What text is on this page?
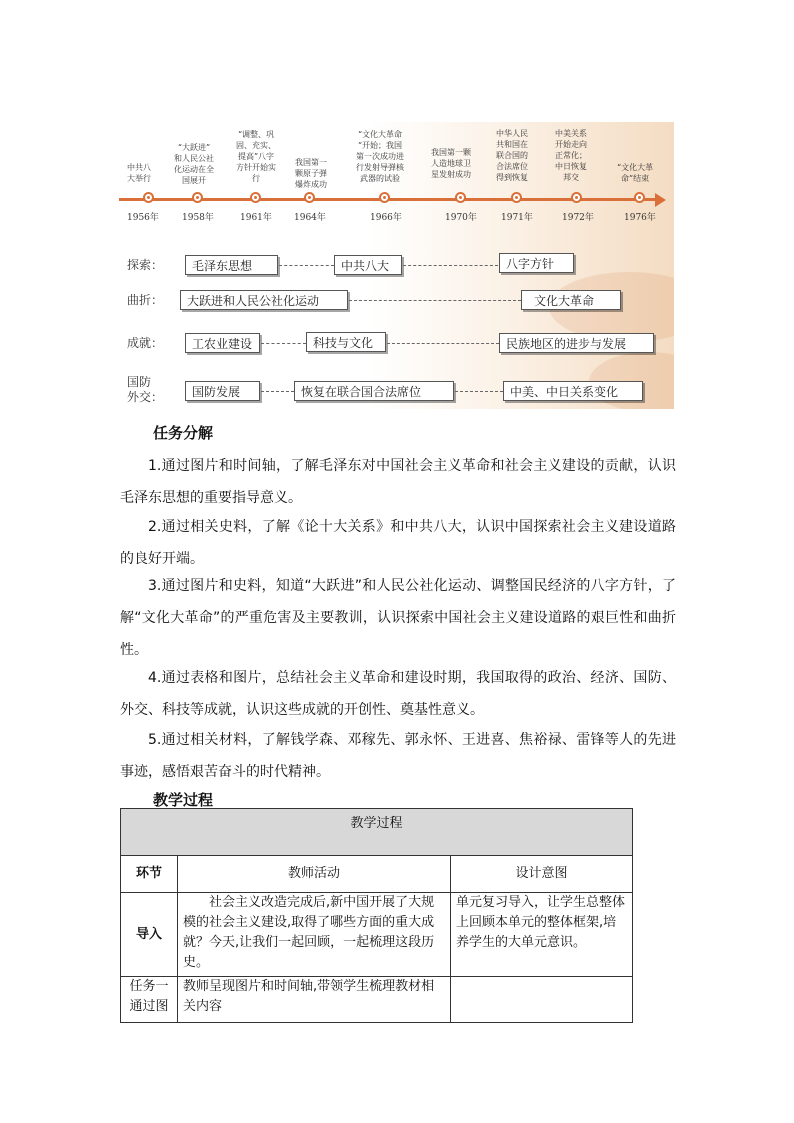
1956年
中共八
大举行
1958年
“大跃进”
和人民公社
化运动在全
国展开
1961年
“调整、巩
固、充实、
提高”八字
方针开始实
行
1964年
我国第一
颗原子弹
爆炸成功
1966年
“文化大革命
”开始；我国
第一次成功进
行发射导弹核
武器的试验
1970年
我国第一颗
人造地球卫
星发射成功
1971年
中华人民
共和国在
联合国的
合法席位
得到恢复
1972年
中美关系
开始走向
正常化；
中日恢复
邦交
1976年
“文化大革
命”结束
探索：	毛泽东思想	中共八大	八字方针
曲折：	大跃进和人民公社化运动	文化大革命
成就：	工农业建设	科技与文化	民族地区的进步与发展
国防
外交：	国防发展	恢复在联合国合法席位	中美、中日关系变化
任务分解
1.通过图片和时间轴，了解毛泽东对中国社会主义革命和社会主义建设的贡献，认识毛泽东思想的重要指导意义。
2.通过相关史料，了解《论十大关系》和中共八大，认识中国探索社会主义建设道路的良好开端。
3.通过图片和史料，知道“大跃进”和人民公社化运动、调整国民经济的八字方针，了解“文化大革命”的严重危害及主要教训，认识探索中国社会主义建设道路的艰巨性和曲折性。
4.通过表格和图片，总结社会主义革命和建设时期，我国取得的政治、经济、国防、外交、科技等成就，认识这些成就的开创性、奠基性意义。
5.通过相关材料，了解钱学森、邓稼先、郭永怀、王进喜、焦裕禄、雷锋等人的先进事迹，感悟艰苦奋斗的时代精神。
教学过程
教学过程		
环节	教师活动	设计意图
导入	社会主义改造完成后,新中国开展了大规模的社会主义建设,取得了哪些方面的重大成就？今天,让我们一起回顾，一起梳理这段历史。	单元复习导入，让学生总整体上回顾本单元的整体框架,培养学生的大单元意识。
任务一
通过图	教师呈现图片和时间轴,带领学生梳理教材相关内容	
